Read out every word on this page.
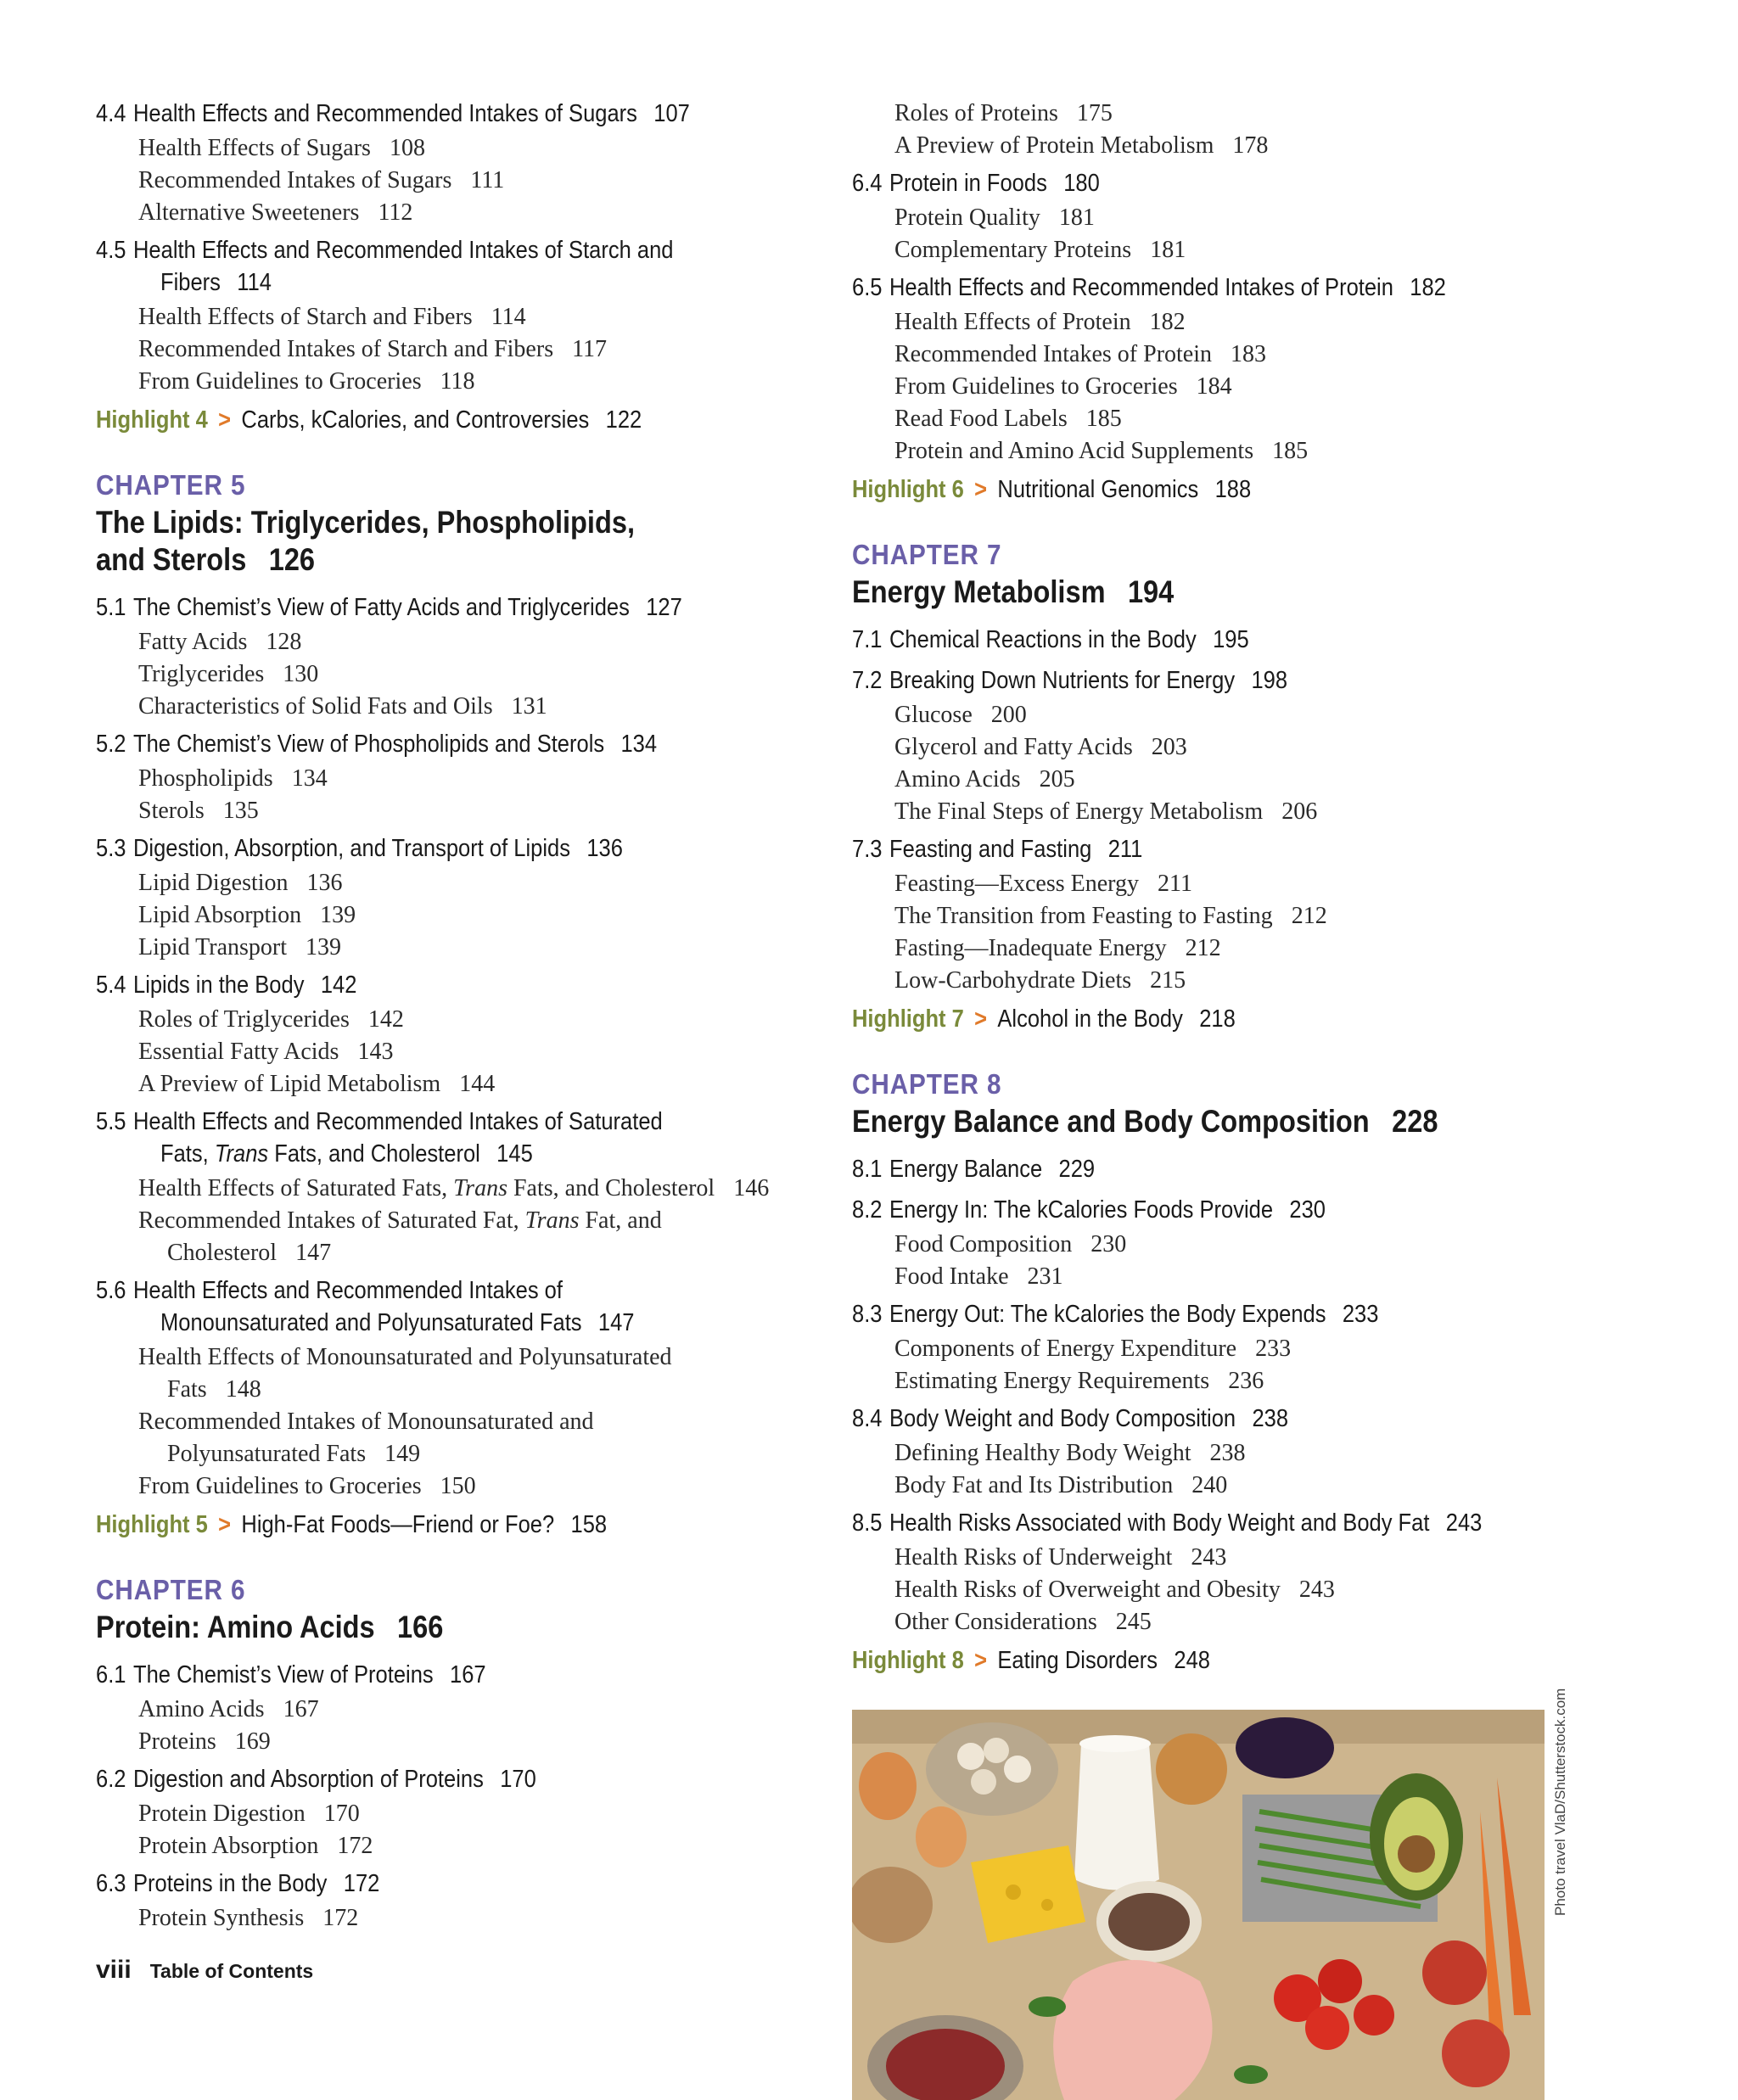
4.4 Health Effects and Recommended Intakes of Sugars 107
Health Effects of Sugars 108
Recommended Intakes of Sugars 111
Alternative Sweeteners 112
4.5 Health Effects and Recommended Intakes of Starch and
Fibers 114
Health Effects of Starch and Fibers 114
Recommended Intakes of Starch and Fibers 117
From Guidelines to Groceries 118
Highlight 4 > Carbs, kCalories, and Controversies 122
CHAPTER 5
The Lipids: Triglycerides, Phospholipids,
and Sterols 126
5.1 The Chemist’s View of Fatty Acids and Triglycerides 127
Fatty Acids 128
Triglycerides 130
Characteristics of Solid Fats and Oils 131
5.2 The Chemist’s View of Phospholipids and Sterols 134
Phospholipids 134
Sterols 135
5.3 Digestion, Absorption, and Transport of Lipids 136
Lipid Digestion 136
Lipid Absorption 139
Lipid Transport 139
5.4 Lipids in the Body 142
Roles of Triglycerides 142
Essential Fatty Acids 143
A Preview of Lipid Metabolism 144
5.5 Health Effects and Recommended Intakes of Saturated
Fats, Trans Fats, and Cholesterol 145
Health Effects of Saturated Fats, Trans Fats, and Cholesterol 146
Recommended Intakes of Saturated Fat, Trans Fat, and
Cholesterol 147
5.6 Health Effects and Recommended Intakes of
Monounsaturated and Polyunsaturated Fats 147
Health Effects of Monounsaturated and Polyunsaturated
Fats 148
Recommended Intakes of Monounsaturated and
Polyunsaturated Fats 149
From Guidelines to Groceries 150
Highlight 5 > High-Fat Foods—Friend or Foe? 158
CHAPTER 6
Protein: Amino Acids 166
6.1 The Chemist’s View of Proteins 167
Amino Acids 167
Proteins 169
6.2 Digestion and Absorption of Proteins 170
Protein Digestion 170
Protein Absorption 172
6.3 Proteins in the Body 172
Protein Synthesis 172
Roles of Proteins 175
A Preview of Protein Metabolism 178
6.4 Protein in Foods 180
Protein Quality 181
Complementary Proteins 181
6.5 Health Effects and Recommended Intakes of Protein 182
Health Effects of Protein 182
Recommended Intakes of Protein 183
From Guidelines to Groceries 184
Read Food Labels 185
Protein and Amino Acid Supplements 185
Highlight 6 > Nutritional Genomics 188
CHAPTER 7
Energy Metabolism 194
7.1 Chemical Reactions in the Body 195
7.2 Breaking Down Nutrients for Energy 198
Glucose 200
Glycerol and Fatty Acids 203
Amino Acids 205
The Final Steps of Energy Metabolism 206
7.3 Feasting and Fasting 211
Feasting—Excess Energy 211
The Transition from Feasting to Fasting 212
Fasting—Inadequate Energy 212
Low-Carbohydrate Diets 215
Highlight 7 > Alcohol in the Body 218
CHAPTER 8
Energy Balance and Body Composition 228
8.1 Energy Balance 229
8.2 Energy In: The kCalories Foods Provide 230
Food Composition 230
Food Intake 231
8.3 Energy Out: The kCalories the Body Expends 233
Components of Energy Expenditure 233
Estimating Energy Requirements 236
8.4 Body Weight and Body Composition 238
Defining Healthy Body Weight 238
Body Fat and Its Distribution 240
8.5 Health Risks Associated with Body Weight and Body Fat 243
Health Risks of Underweight 243
Health Risks of Overweight and Obesity 243
Other Considerations 245
Highlight 8 > Eating Disorders 248
viii Table of Contents
Photo travel VlaD/Shutterstock.com
